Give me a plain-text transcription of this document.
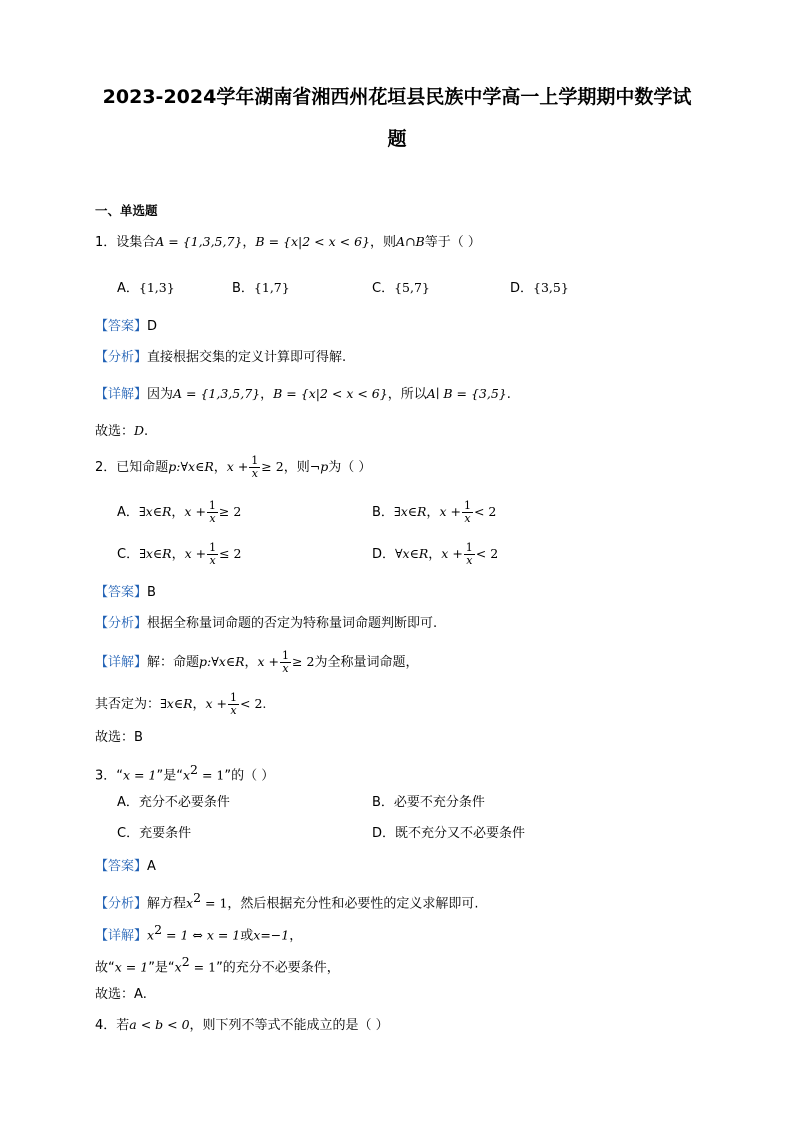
2023-2024学年湖南省湘西州花垣县民族中学高一上学期期中数学试
题
一、单选题
1．设集合A = {1,3,5,7}，B = {x|2 < x < 6}，则A∩B等于（ ）
A．{1,3}	B．{1,7}	C．{5,7}	D．{3,5}
【答案】D
【分析】直接根据交集的定义计算即可得解.
【详解】因为A = {1,3,5,7}，B = {x|2 < x < 6}，所以A∣ B = {3,5}.
故选：D.
2．已知命题p:∀x∈R，$x + \frac{1}{x} \ge 2$，则¬p为（ ）
A．∃x∈R，$x + \frac{1}{x} \ge 2$	B．∃x∈R，$x + \frac{1}{x} < 2$
C．∃x∈R，$x + \frac{1}{x} \le 2$	D．∀x∈R，$x + \frac{1}{x} < 2$
【答案】B
【分析】根据全称量词命题的否定为特称量词命题判断即可.
【详解】解：命题p:∀x∈R，$x + \frac{1}{x} \ge 2$为全称量词命题，
其否定为：∃x∈R，$x + \frac{1}{x} < 2$.
故选：B
3．“x = 1”是“$x^2 = 1$”的（ ）
A．充分不必要条件	B．必要不充分条件
C．充要条件	D．既不充分又不必要条件
【答案】A
【分析】解方程$x^2 = 1$，然后根据充分性和必要性的定义求解即可.
【详解】$x^2 = 1$ ⇔ x = 1或x=−1，
故“x = 1”是“$x^2 = 1$”的充分不必要条件，
故选：A.
4．若a < b < 0，则下列不等式不能成立的是（ ）
